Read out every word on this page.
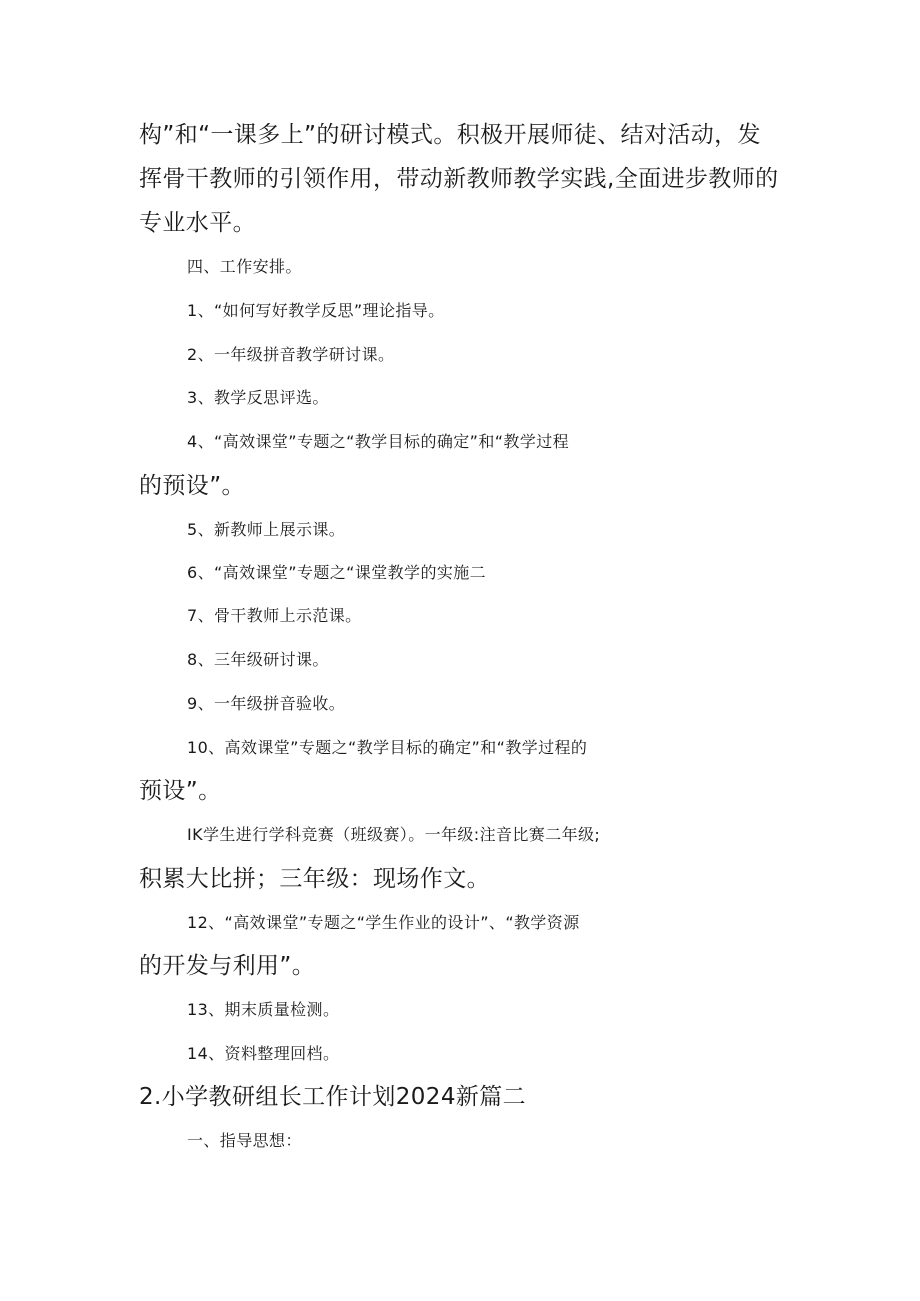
构”和“一课多上”的研讨模式。积极开展师徒、结对活动，发
挥骨干教师的引领作用，带动新教师教学实践,全面进步教师的
专业水平。
四、工作安排。
1、“如何写好教学反思”理论指导。
2、一年级拼音教学研讨课。
3、教学反思评选。
4、“高效课堂”专题之“教学目标的确定”和“教学过程
的预设”。
5、新教师上展示课。
6、“高效课堂”专题之“课堂教学的实施二
7、骨干教师上示范课。
8、三年级研讨课。
9、一年级拼音验收。
10、高效课堂”专题之“教学目标的确定”和“教学过程的
预设”。
IK学生进行学科竞赛（班级赛）。一年级:注音比赛二年级;
积累大比拼；三年级：现场作文。
12、“高效课堂”专题之“学生作业的设计”、“教学资源
的开发与利用”。
13、期末质量检测。
14、资料整理回档。
2.小学教研组长工作计划2024新篇二
一、指导思想：
